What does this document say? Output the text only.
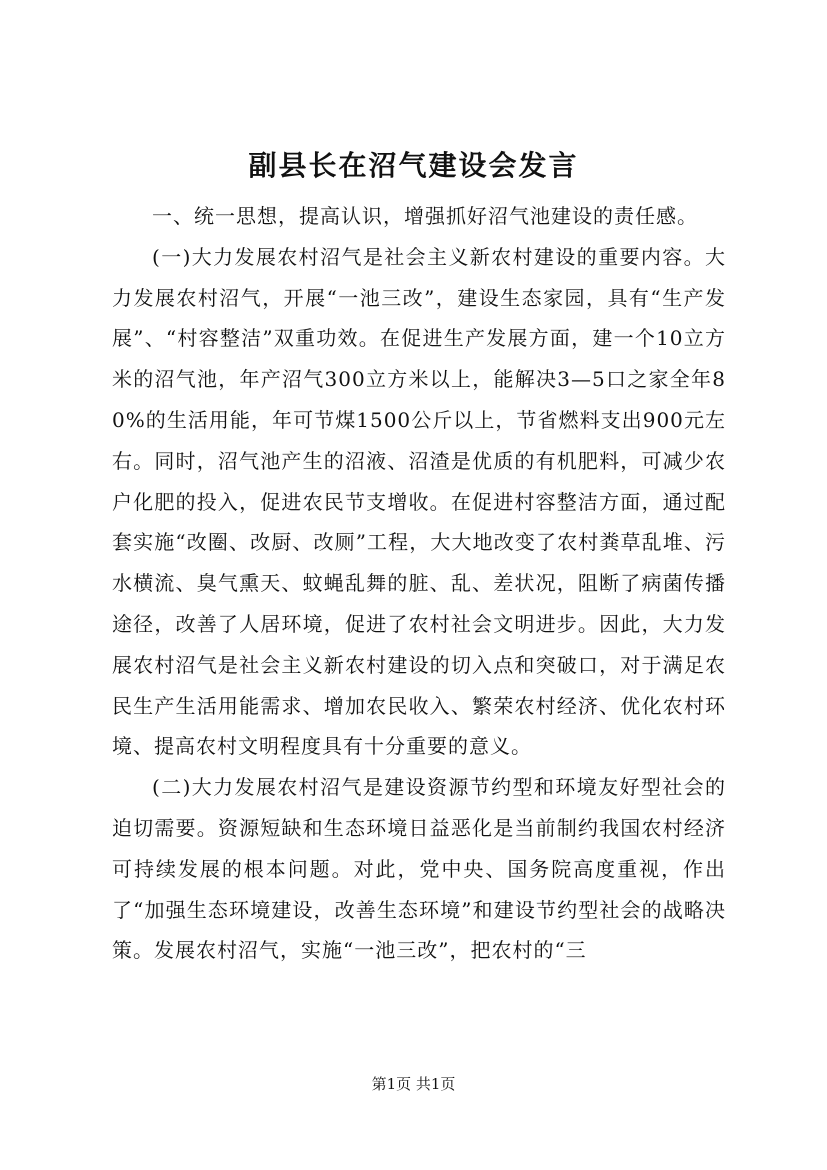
副县长在沼气建设会发言

一、统一思想，提高认识，增强抓好沼气池建设的责任感。

(一)大力发展农村沼气是社会主义新农村建设的重要内容。大力发展农村沼气，开展“一池三改”，建设生态家园，具有“生产发展”、“村容整洁”双重功效。在促进生产发展方面，建一个10立方米的沼气池，年产沼气300立方米以上，能解决3—5口之家全年80%的生活用能，年可节煤1500公斤以上，节省燃料支出900元左右。同时，沼气池产生的沼液、沼渣是优质的有机肥料，可减少农户化肥的投入，促进农民节支增收。在促进村容整洁方面，通过配套实施“改圈、改厨、改厕”工程，大大地改变了农村粪草乱堆、污水横流、臭气熏天、蚊蝇乱舞的脏、乱、差状况，阻断了病菌传播途径，改善了人居环境，促进了农村社会文明进步。因此，大力发展农村沼气是社会主义新农村建设的切入点和突破口，对于满足农民生产生活用能需求、增加农民收入、繁荣农村经济、优化农村环境、提高农村文明程度具有十分重要的意义。

(二)大力发展农村沼气是建设资源节约型和环境友好型社会的迫切需要。资源短缺和生态环境日益恶化是当前制约我国农村经济可持续发展的根本问题。对此，党中央、国务院高度重视，作出了“加强生态环境建设，改善生态环境”和建设节约型社会的战略决策。发展农村沼气，实施“一池三改”，把农村的“三

第1页 共1页
